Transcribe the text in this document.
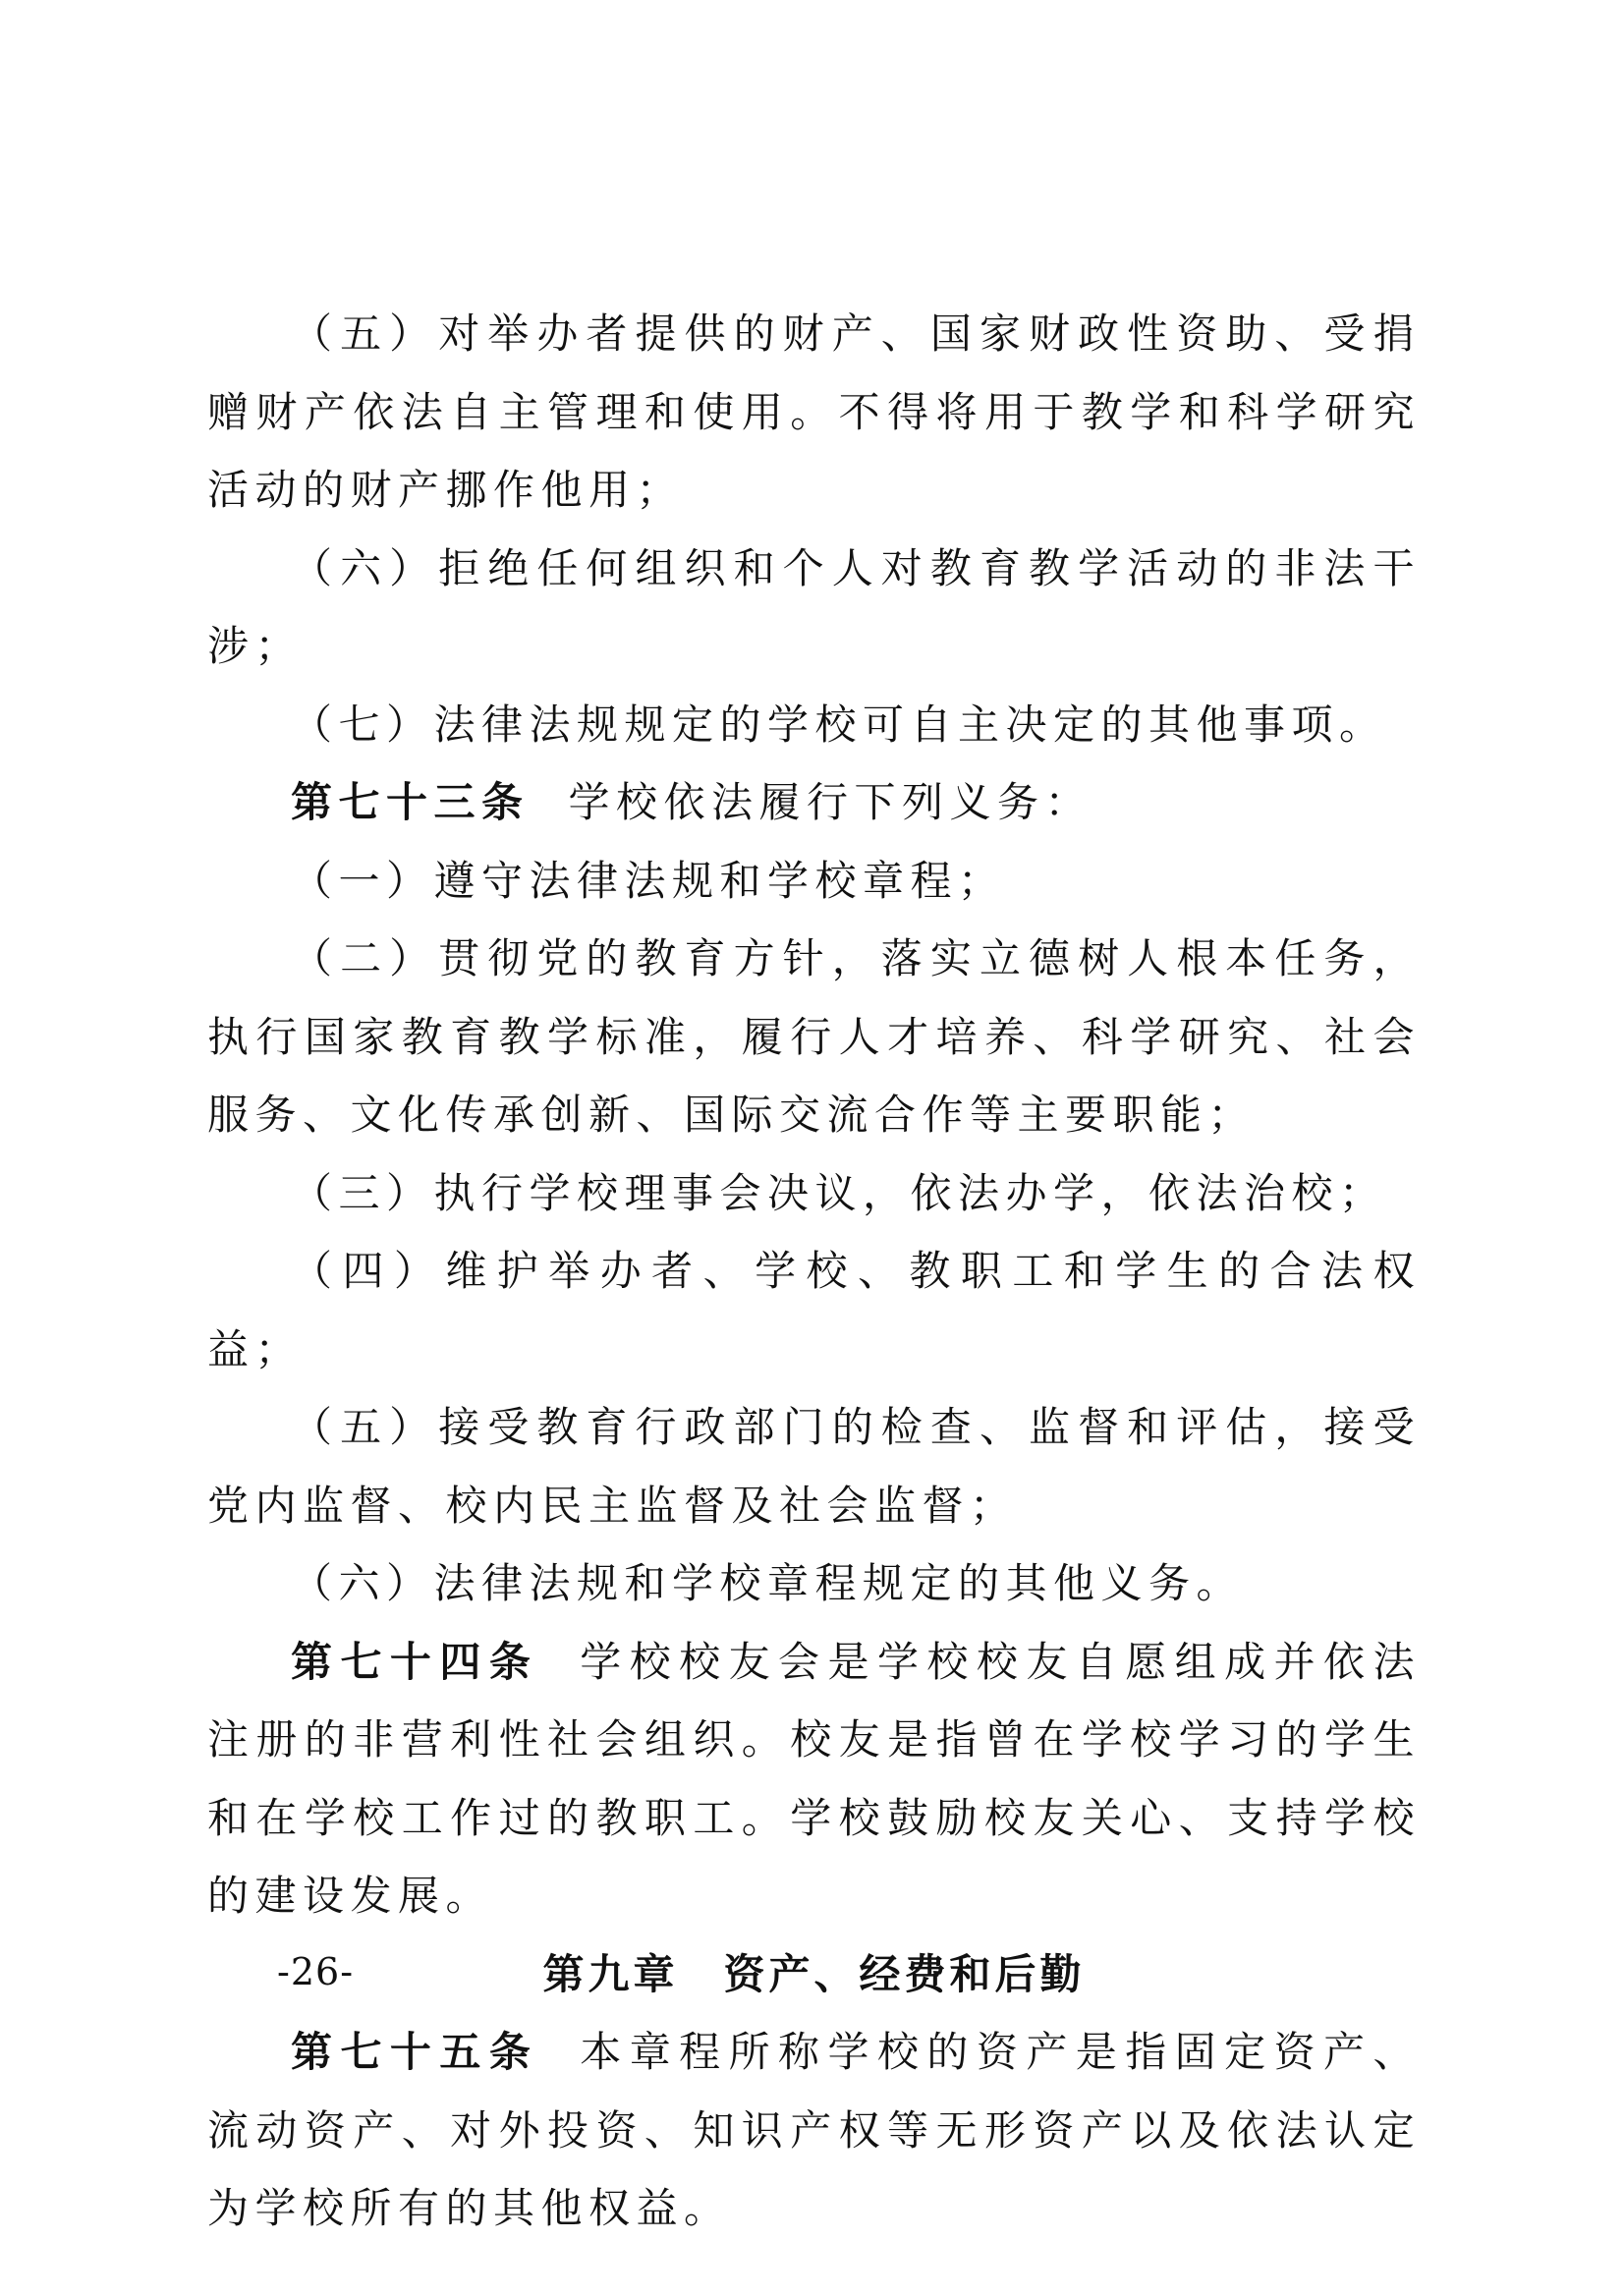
（五）对举办者提供的财产、国家财政性资助、受捐赠财产依法自主管理和使用。不得将用于教学和科学研究活动的财产挪作他用；

（六）拒绝任何组织和个人对教育教学活动的非法干涉；

（七）法律法规规定的学校可自主决定的其他事项。

第七十三条 学校依法履行下列义务：

（一）遵守法律法规和学校章程；

（二）贯彻党的教育方针，落实立德树人根本任务，执行国家教育教学标准，履行人才培养、科学研究、社会服务、文化传承创新、国际交流合作等主要职能；

（三）执行学校理事会决议，依法办学，依法治校；

（四）维护举办者、学校、教职工和学生的合法权益；

（五）接受教育行政部门的检查、监督和评估，接受党内监督、校内民主监督及社会监督；

（六）法律法规和学校章程规定的其他义务。

第七十四条 学校校友会是学校校友自愿组成并依法注册的非营利性社会组织。校友是指曾在学校学习的学生和在学校工作过的教职工。学校鼓励校友关心、支持学校的建设发展。

第九章　资产、经费和后勤

第七十五条 本章程所称学校的资产是指固定资产、流动资产、对外投资、知识产权等无形资产以及依法认定为学校所有的其他权益。

-26-
